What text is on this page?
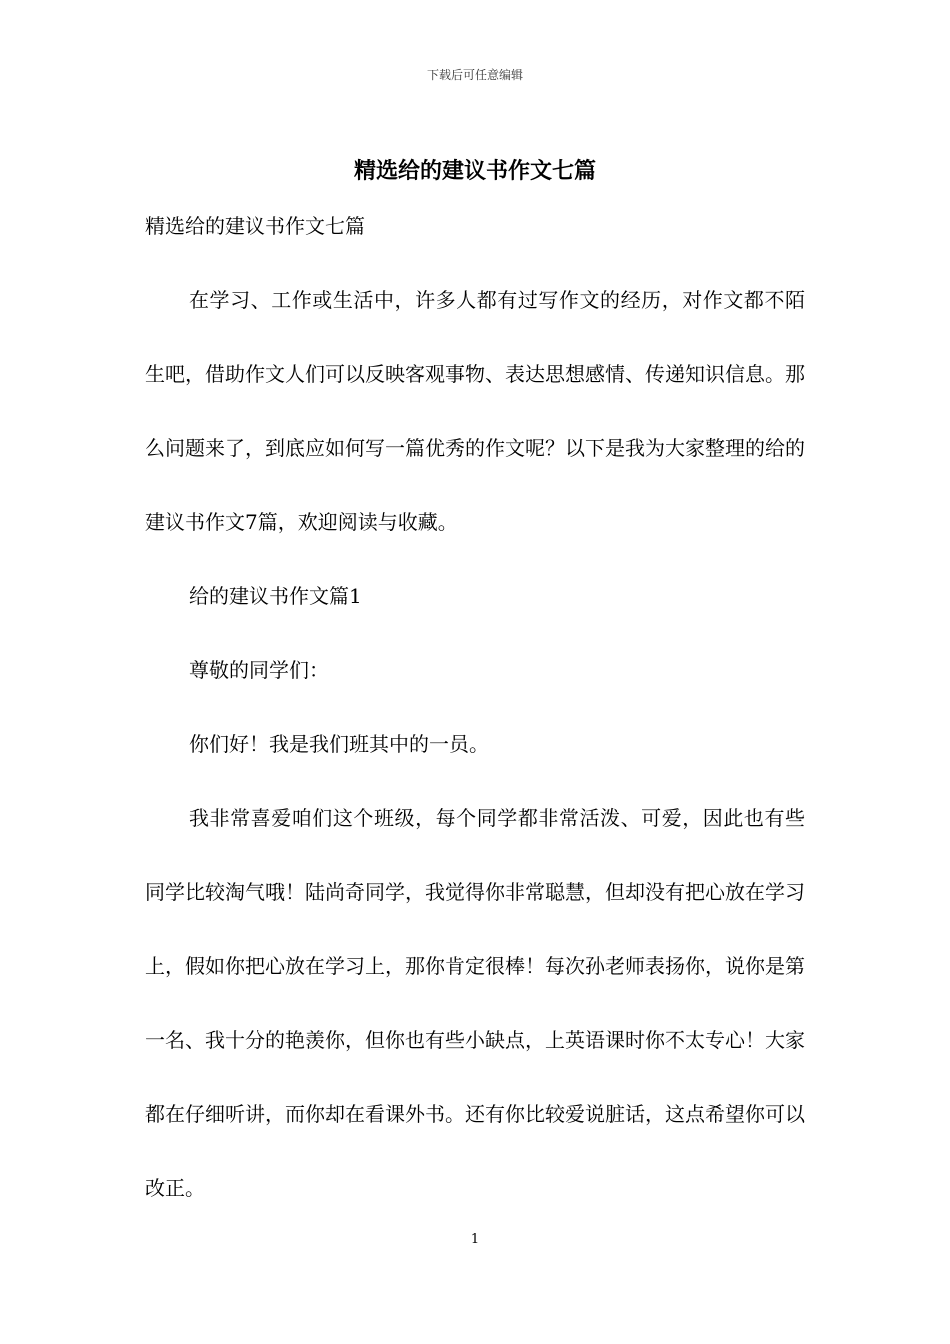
下载后可任意编辑
精选给的建议书作文七篇
精选给的建议书作文七篇

在学习、工作或生活中，许多人都有过写作文的经历，对作文都不陌生吧，借助作文人们可以反映客观事物、表达思想感情、传递知识信息。那么问题来了，到底应如何写一篇优秀的作文呢？以下是我为大家整理的给的建议书作文7篇，欢迎阅读与收藏。

给的建议书作文篇1

尊敬的同学们：

你们好！我是我们班其中的一员。

我非常喜爱咱们这个班级，每个同学都非常活泼、可爱，因此也有些同学比较淘气哦！陆尚奇同学，我觉得你非常聪慧，但却没有把心放在学习上，假如你把心放在学习上，那你肯定很棒！每次孙老师表扬你，说你是第一名、我十分的艳羡你，但你也有些小缺点，上英语课时你不太专心！大家都在仔细听讲，而你却在看课外书。还有你比较爱说脏话，这点希望你可以改正。

1
